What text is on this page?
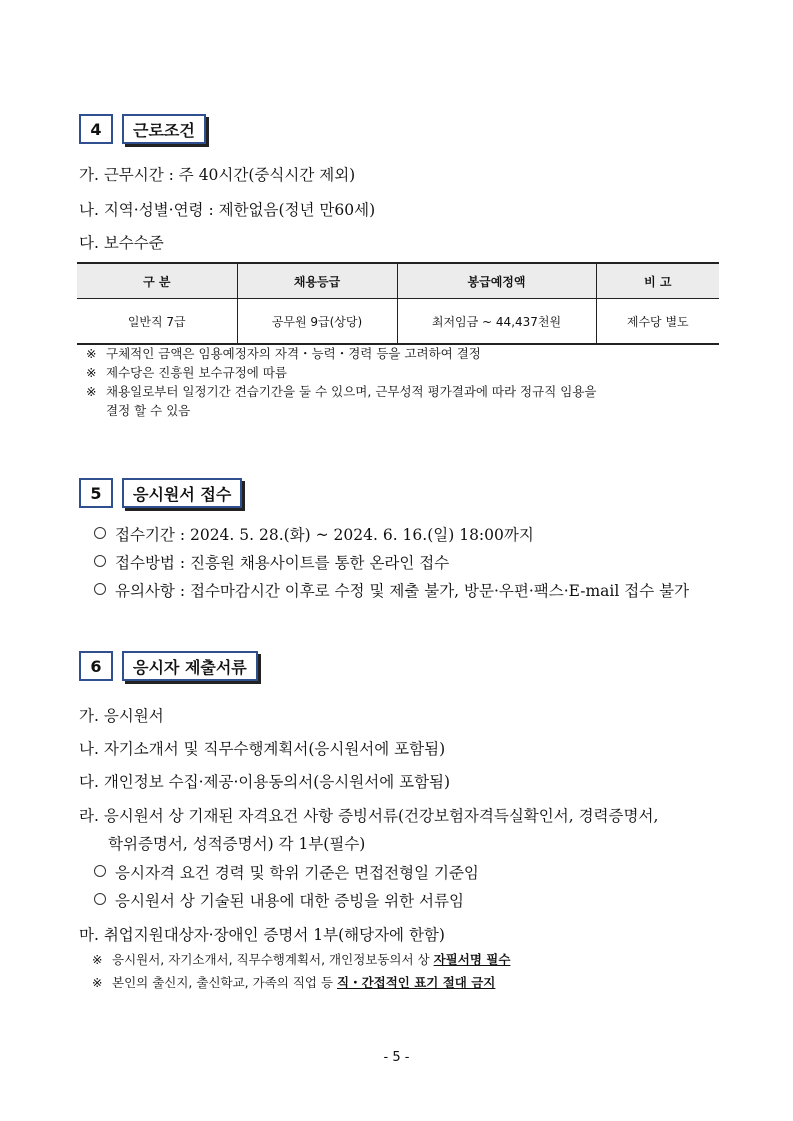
4	근로조건
가. 근무시간 : 주 40시간(중식시간 제외)
나. 지역·성별·연령 : 제한없음(정년 만60세)
다. 보수수준
구 분	채용등급	봉급예정액	비 고
일반직 7급	공무원 9급(상당)	최저임금 ~ 44,437천원	제수당 별도
※ 구체적인 금액은 임용예정자의 자격・능력・경력 등을 고려하여 결정
※ 제수당은 진흥원 보수규정에 따름
※ 채용일로부터 일정기간 견습기간을 둘 수 있으며, 근무성적 평가결과에 따라 정규직 임용을
결정 할 수 있음
5	응시원서 접수
접수기간 : 2024. 5. 28.(화) ~ 2024. 6. 16.(일) 18:00까지
접수방법 : 진흥원 채용사이트를 통한 온라인 접수
유의사항 : 접수마감시간 이후로 수정 및 제출 불가, 방문·우편·팩스·E-mail 접수 불가
6	응시자 제출서류
가. 응시원서
나. 자기소개서 및 직무수행계획서(응시원서에 포함됨)
다. 개인정보 수집·제공·이용동의서(응시원서에 포함됨)
라. 응시원서 상 기재된 자격요건 사항 증빙서류(건강보험자격득실확인서, 경력증명서,
학위증명서, 성적증명서) 각 1부(필수)
응시자격 요건 경력 및 학위 기준은 면접전형일 기준임
응시원서 상 기술된 내용에 대한 증빙을 위한 서류임
마. 취업지원대상자·장애인 증명서 1부(해당자에 한함)
※ 응시원서, 자기소개서, 직무수행계획서, 개인정보동의서 상 자필서명 필수
※ 본인의 출신지, 출신학교, 가족의 직업 등 직・간접적인 표기 절대 금지
- 5 -
